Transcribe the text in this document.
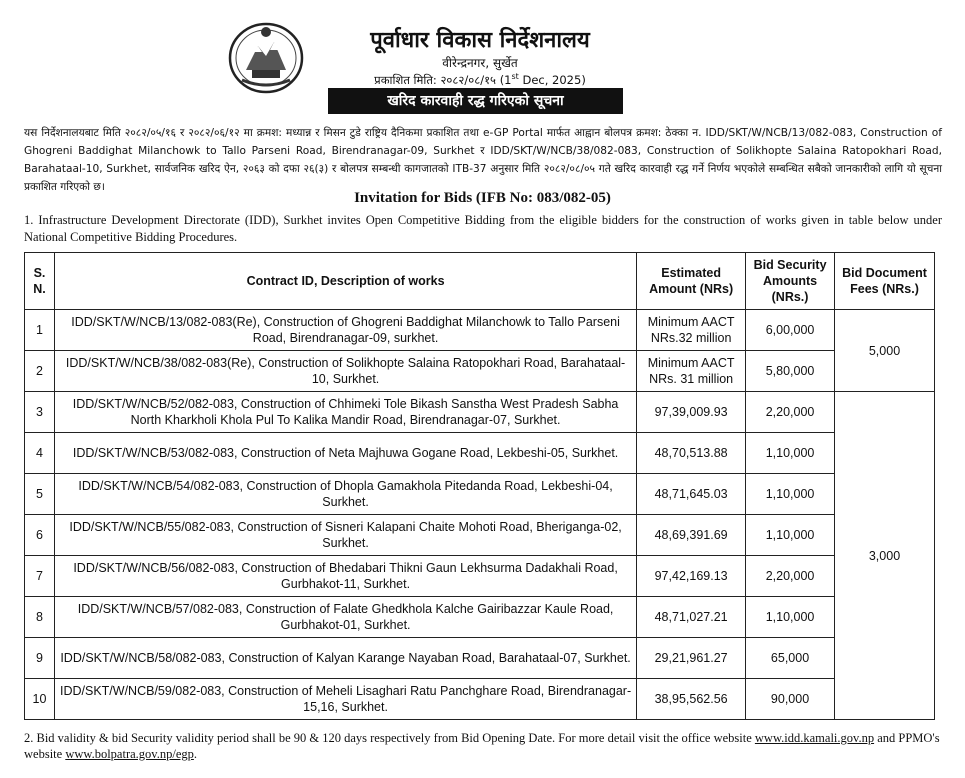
पूर्वाधार विकास निर्देशनालय
वीरेन्द्रनगर, सुर्खेत
प्रकाशित मिति: २०८२/०८/१५ (1st Dec, 2025)
खरिद कारवाही रद्ध गरिएको सूचना
यस निर्देशनालयबाट मिति २०८२/०५/१६ र २०८२/०६/१२ मा क्रमश: मध्यान्न र मिसन टुडे राष्ट्रिय दैनिकमा प्रकाशित तथा e-GP Portal मार्फत आह्वान बोलपत्र क्रमश: ठेक्का न. IDD/SKT/W/NCB/13/082-083, Construction of Ghogreni Baddighat Milanchowk to Tallo Parseni Road, Birendranagar-09, Surkhet र IDD/SKT/W/NCB/38/082-083, Construction of Solikhopte Salaina Ratopokhari Road, Barahataal-10, Surkhet, सार्वजनिक खरिद ऐन, २०६३ को दफा २६(३) र बोलपत्र सम्बन्धी कागजातको ITB-37 अनुसार मिति २०८२/०८/०५ गते खरिद कारवाही रद्ध गर्ने निर्णय भएकोले सम्बन्धित सबैको जानकारीको लागि यो सूचना प्रकाशित गरिएको छ।
Invitation for Bids (IFB No: 083/082-05)
1. Infrastructure Development Directorate (IDD), Surkhet invites Open Competitive Bidding from the eligible bidders for the construction of works given in table below under National Competitive Bidding Procedures.
S. N.	Contract ID, Description of works	Estimated Amount (NRs)	Bid Security Amounts (NRs.)	Bid Document Fees (NRs.)
1	IDD/SKT/W/NCB/13/082-083(Re), Construction of Ghogreni Baddighat Milanchowk to Tallo Parseni Road, Birendranagar-09, surkhet.	Minimum AACT NRs.32 million	6,00,000	5,000
2	IDD/SKT/W/NCB/38/082-083(Re), Construction of Solikhopte Salaina Ratopokhari Road, Barahataal-10, Surkhet.	Minimum AACT NRs. 31 million	5,80,000	
3	IDD/SKT/W/NCB/52/082-083, Construction of Chhimeki Tole Bikash Sanstha West Pradesh Sabha North Kharkholi Khola Pul To Kalika Mandir Road, Birendranagar-07, Surkhet.	97,39,009.93	2,20,000	3,000
4	IDD/SKT/W/NCB/53/082-083, Construction of Neta Majhuwa Gogane Road, Lekbeshi-05, Surkhet.	48,70,513.88	1,10,000	
5	IDD/SKT/W/NCB/54/082-083, Construction of Dhopla Gamakhola Pitedanda Road, Lekbeshi-04, Surkhet.	48,71,645.03	1,10,000	
6	IDD/SKT/W/NCB/55/082-083, Construction of Sisneri Kalapani Chaite Mohoti Road, Bheriganga-02, Surkhet.	48,69,391.69	1,10,000	
7	IDD/SKT/W/NCB/56/082-083, Construction of Bhedabari Thikni Gaun Lekhsurma Dadakhali Road, Gurbhakot-11, Surkhet.	97,42,169.13	2,20,000	
8	IDD/SKT/W/NCB/57/082-083, Construction of Falate Ghedkhola Kalche Gairibazzar Kaule Road, Gurbhakot-01, Surkhet.	48,71,027.21	1,10,000	
9	IDD/SKT/W/NCB/58/082-083, Construction of Kalyan Karange Nayaban Road, Barahataal-07, Surkhet.	29,21,961.27	65,000	
10	IDD/SKT/W/NCB/59/082-083, Construction of Meheli Lisaghari Ratu Panchghare Road, Birendranagar-15,16, Surkhet.	38,95,562.56	90,000	
2. Bid validity & bid Security validity period shall be 90 & 120 days respectively from Bid Opening Date. For more detail visit the office website www.idd.kamali.gov.np and PPMO's website www.bolpatra.gov.np/egp.
